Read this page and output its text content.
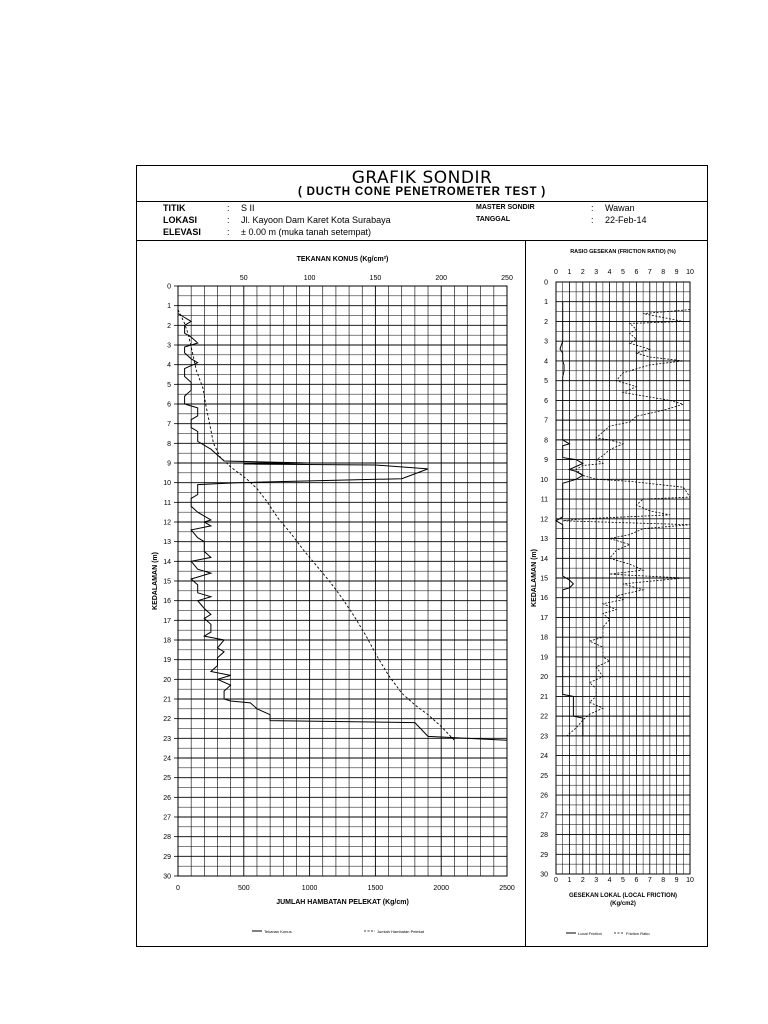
GRAFIK SONDIR
( DUCTH CONE PENETROMETER TEST )
TITIK	: S II
LOKASI	: Jl. Kayoon Dam Karet Kota Surabaya
ELEVASI	: ± 0.00 m (muka tanah setempat)
MASTER SONDIR	: Wawan
TANGGAL	: 22-Feb-14
0
1
2
3
4
5
6
7
8
9
10
11
12
13
14
15
16
17
18
19
20
21
22
23
24
25
26
27
28
29
30
50	100	150	200	250
0	500	1000	1500	2000	2500
TEKANAN KONUS (Kg/cm²)
JUMLAH HAMBATAN PELEKAT (Kg/cm)
KEDALAMAN (m)
Tekanan Konus	Jumlah Hambatan Pelekat
0
1
2
3
4
5
6
7
8
9
10
11
12
13
14
15
16
17
18
19
20
21
22
23
24
25
26
27
28
29
30
0
0
1
1
2
2
3
3
4
4
5
5
6
6
7
7
8
8
9
9
10
10
RASIO GESEKAN (FRICTION RATIO) (%)
GESEKAN LOKAL (LOCAL FRICTION)
(Kg/cm2)
KEDALAMAN (m)
Local Friction	Friction Ratio
